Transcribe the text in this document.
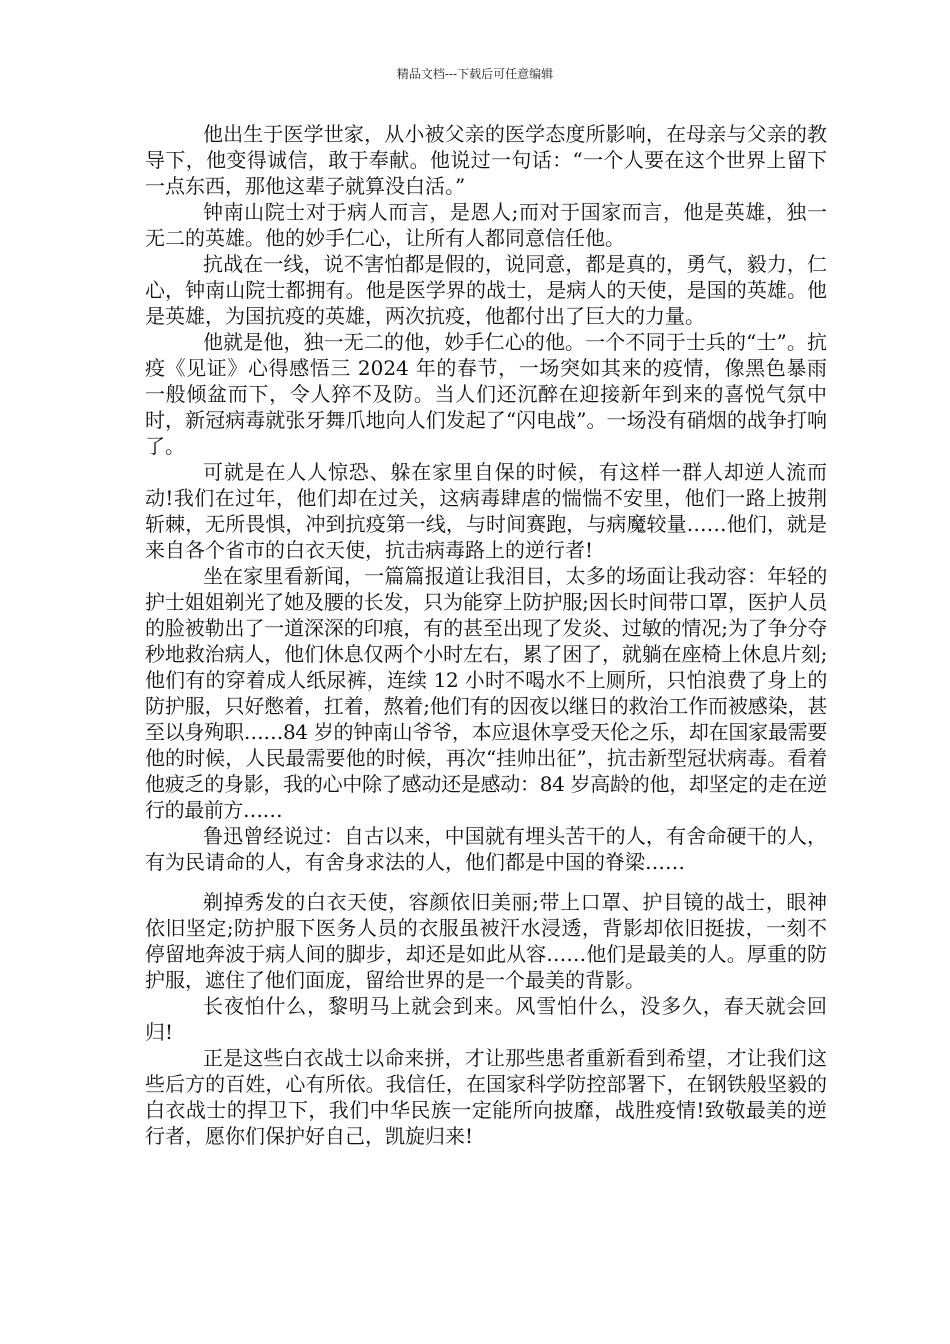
精品文档---下载后可任意编辑

他出生于医学世家，从小被父亲的医学态度所影响，在母亲与父亲的教导下，他变得诚信，敢于奉献。他说过一句话：“一个人要在这个世界上留下一点东西，那他这辈子就算没白活。”

钟南山院士对于病人而言，是恩人;而对于国家而言，他是英雄，独一无二的英雄。他的妙手仁心，让所有人都同意信任他。

抗战在一线，说不害怕都是假的，说同意，都是真的，勇气，毅力，仁心，钟南山院士都拥有。他是医学界的战士，是病人的天使，是国的英雄。他是英雄，为国抗疫的英雄，两次抗疫，他都付出了巨大的力量。

他就是他，独一无二的他，妙手仁心的他。一个不同于士兵的“士”。抗疫《见证》心得感悟三 2024 年的春节，一场突如其来的疫情，像黑色暴雨一般倾盆而下，令人猝不及防。当人们还沉醉在迎接新年到来的喜悦气氛中时，新冠病毒就张牙舞爪地向人们发起了“闪电战”。一场没有硝烟的战争打响了。

可就是在人人惊恐、躲在家里自保的时候，有这样一群人却逆人流而动!我们在过年，他们却在过关，这病毒肆虐的惴惴不安里，他们一路上披荆斩棘，无所畏惧，冲到抗疫第一线，与时间赛跑，与病魔较量……他们，就是来自各个省市的白衣天使，抗击病毒路上的逆行者!

坐在家里看新闻，一篇篇报道让我泪目，太多的场面让我动容：年轻的护士姐姐剃光了她及腰的长发，只为能穿上防护服;因长时间带口罩，医护人员的脸被勒出了一道深深的印痕，有的甚至出现了发炎、过敏的情况;为了争分夺秒地救治病人，他们休息仅两个小时左右，累了困了，就躺在座椅上休息片刻;他们有的穿着成人纸尿裤，连续 12 小时不喝水不上厕所，只怕浪费了身上的防护服，只好憋着，扛着，熬着;他们有的因夜以继日的救治工作而被感染，甚至以身殉职……84 岁的钟南山爷爷，本应退休享受天伦之乐，却在国家最需要他的时候，人民最需要他的时候，再次“挂帅出征”，抗击新型冠状病毒。看着他疲乏的身影，我的心中除了感动还是感动：84 岁高龄的他，却坚定的走在逆行的最前方……

鲁迅曾经说过：自古以来，中国就有埋头苦干的人，有舍命硬干的人，有为民请命的人，有舍身求法的人，他们都是中国的脊梁……

剃掉秀发的白衣天使，容颜依旧美丽;带上口罩、护目镜的战士，眼神依旧坚定;防护服下医务人员的衣服虽被汗水浸透，背影却依旧挺拔，一刻不停留地奔波于病人间的脚步，却还是如此从容……他们是最美的人。厚重的防护服，遮住了他们面庞，留给世界的是一个最美的背影。

长夜怕什么，黎明马上就会到来。风雪怕什么，没多久，春天就会回归!

正是这些白衣战士以命来拼，才让那些患者重新看到希望，才让我们这些后方的百姓，心有所依。我信任，在国家科学防控部署下，在钢铁般坚毅的白衣战士的捍卫下，我们中华民族一定能所向披靡，战胜疫情!致敬最美的逆行者，愿你们保护好自己，凯旋归来!
